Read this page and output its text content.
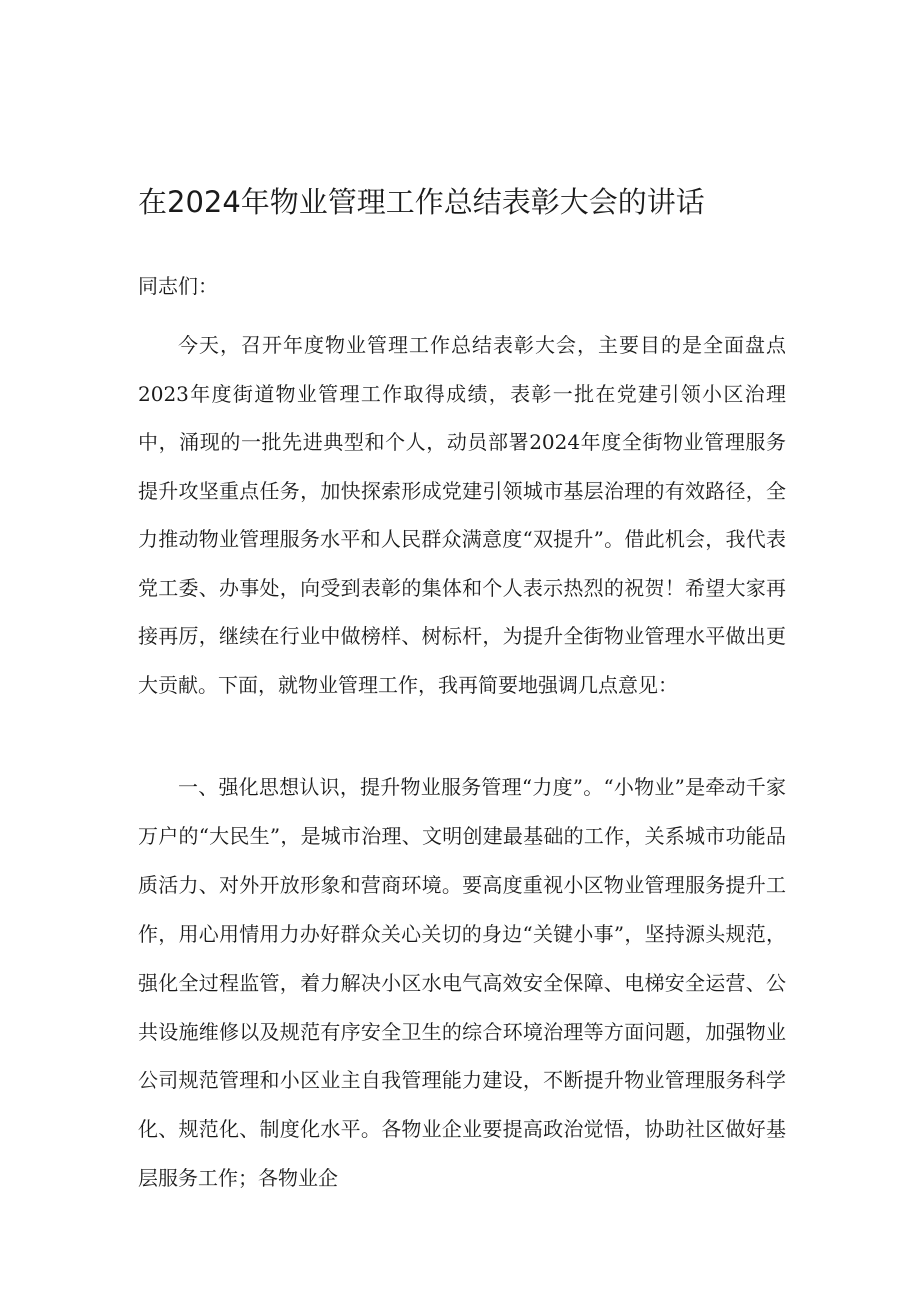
在2024年物业管理工作总结表彰大会的讲话

同志们：

今天，召开年度物业管理工作总结表彰大会，主要目的是全面盘点2023年度街道物业管理工作取得成绩，表彰一批在党建引领小区治理中，涌现的一批先进典型和个人，动员部署2024年度全街物业管理服务提升攻坚重点任务，加快探索形成党建引领城市基层治理的有效路径，全力推动物业管理服务水平和人民群众满意度“双提升”。借此机会，我代表党工委、办事处，向受到表彰的集体和个人表示热烈的祝贺！希望大家再接再厉，继续在行业中做榜样、树标杆，为提升全街物业管理水平做出更大贡献。下面，就物业管理工作，我再简要地强调几点意见：

一、强化思想认识，提升物业服务管理“力度”。“小物业”是牵动千家万户的“大民生”，是城市治理、文明创建最基础的工作，关系城市功能品质活力、对外开放形象和营商环境。要高度重视小区物业管理服务提升工作，用心用情用力办好群众关心关切的身边“关键小事”，坚持源头规范，强化全过程监管，着力解决小区水电气高效安全保障、电梯安全运营、公共设施维修以及规范有序安全卫生的综合环境治理等方面问题，加强物业公司规范管理和小区业主自我管理能力建设，不断提升物业管理服务科学化、规范化、制度化水平。各物业企业要提高政治觉悟，协助社区做好基层服务工作；各物业企
